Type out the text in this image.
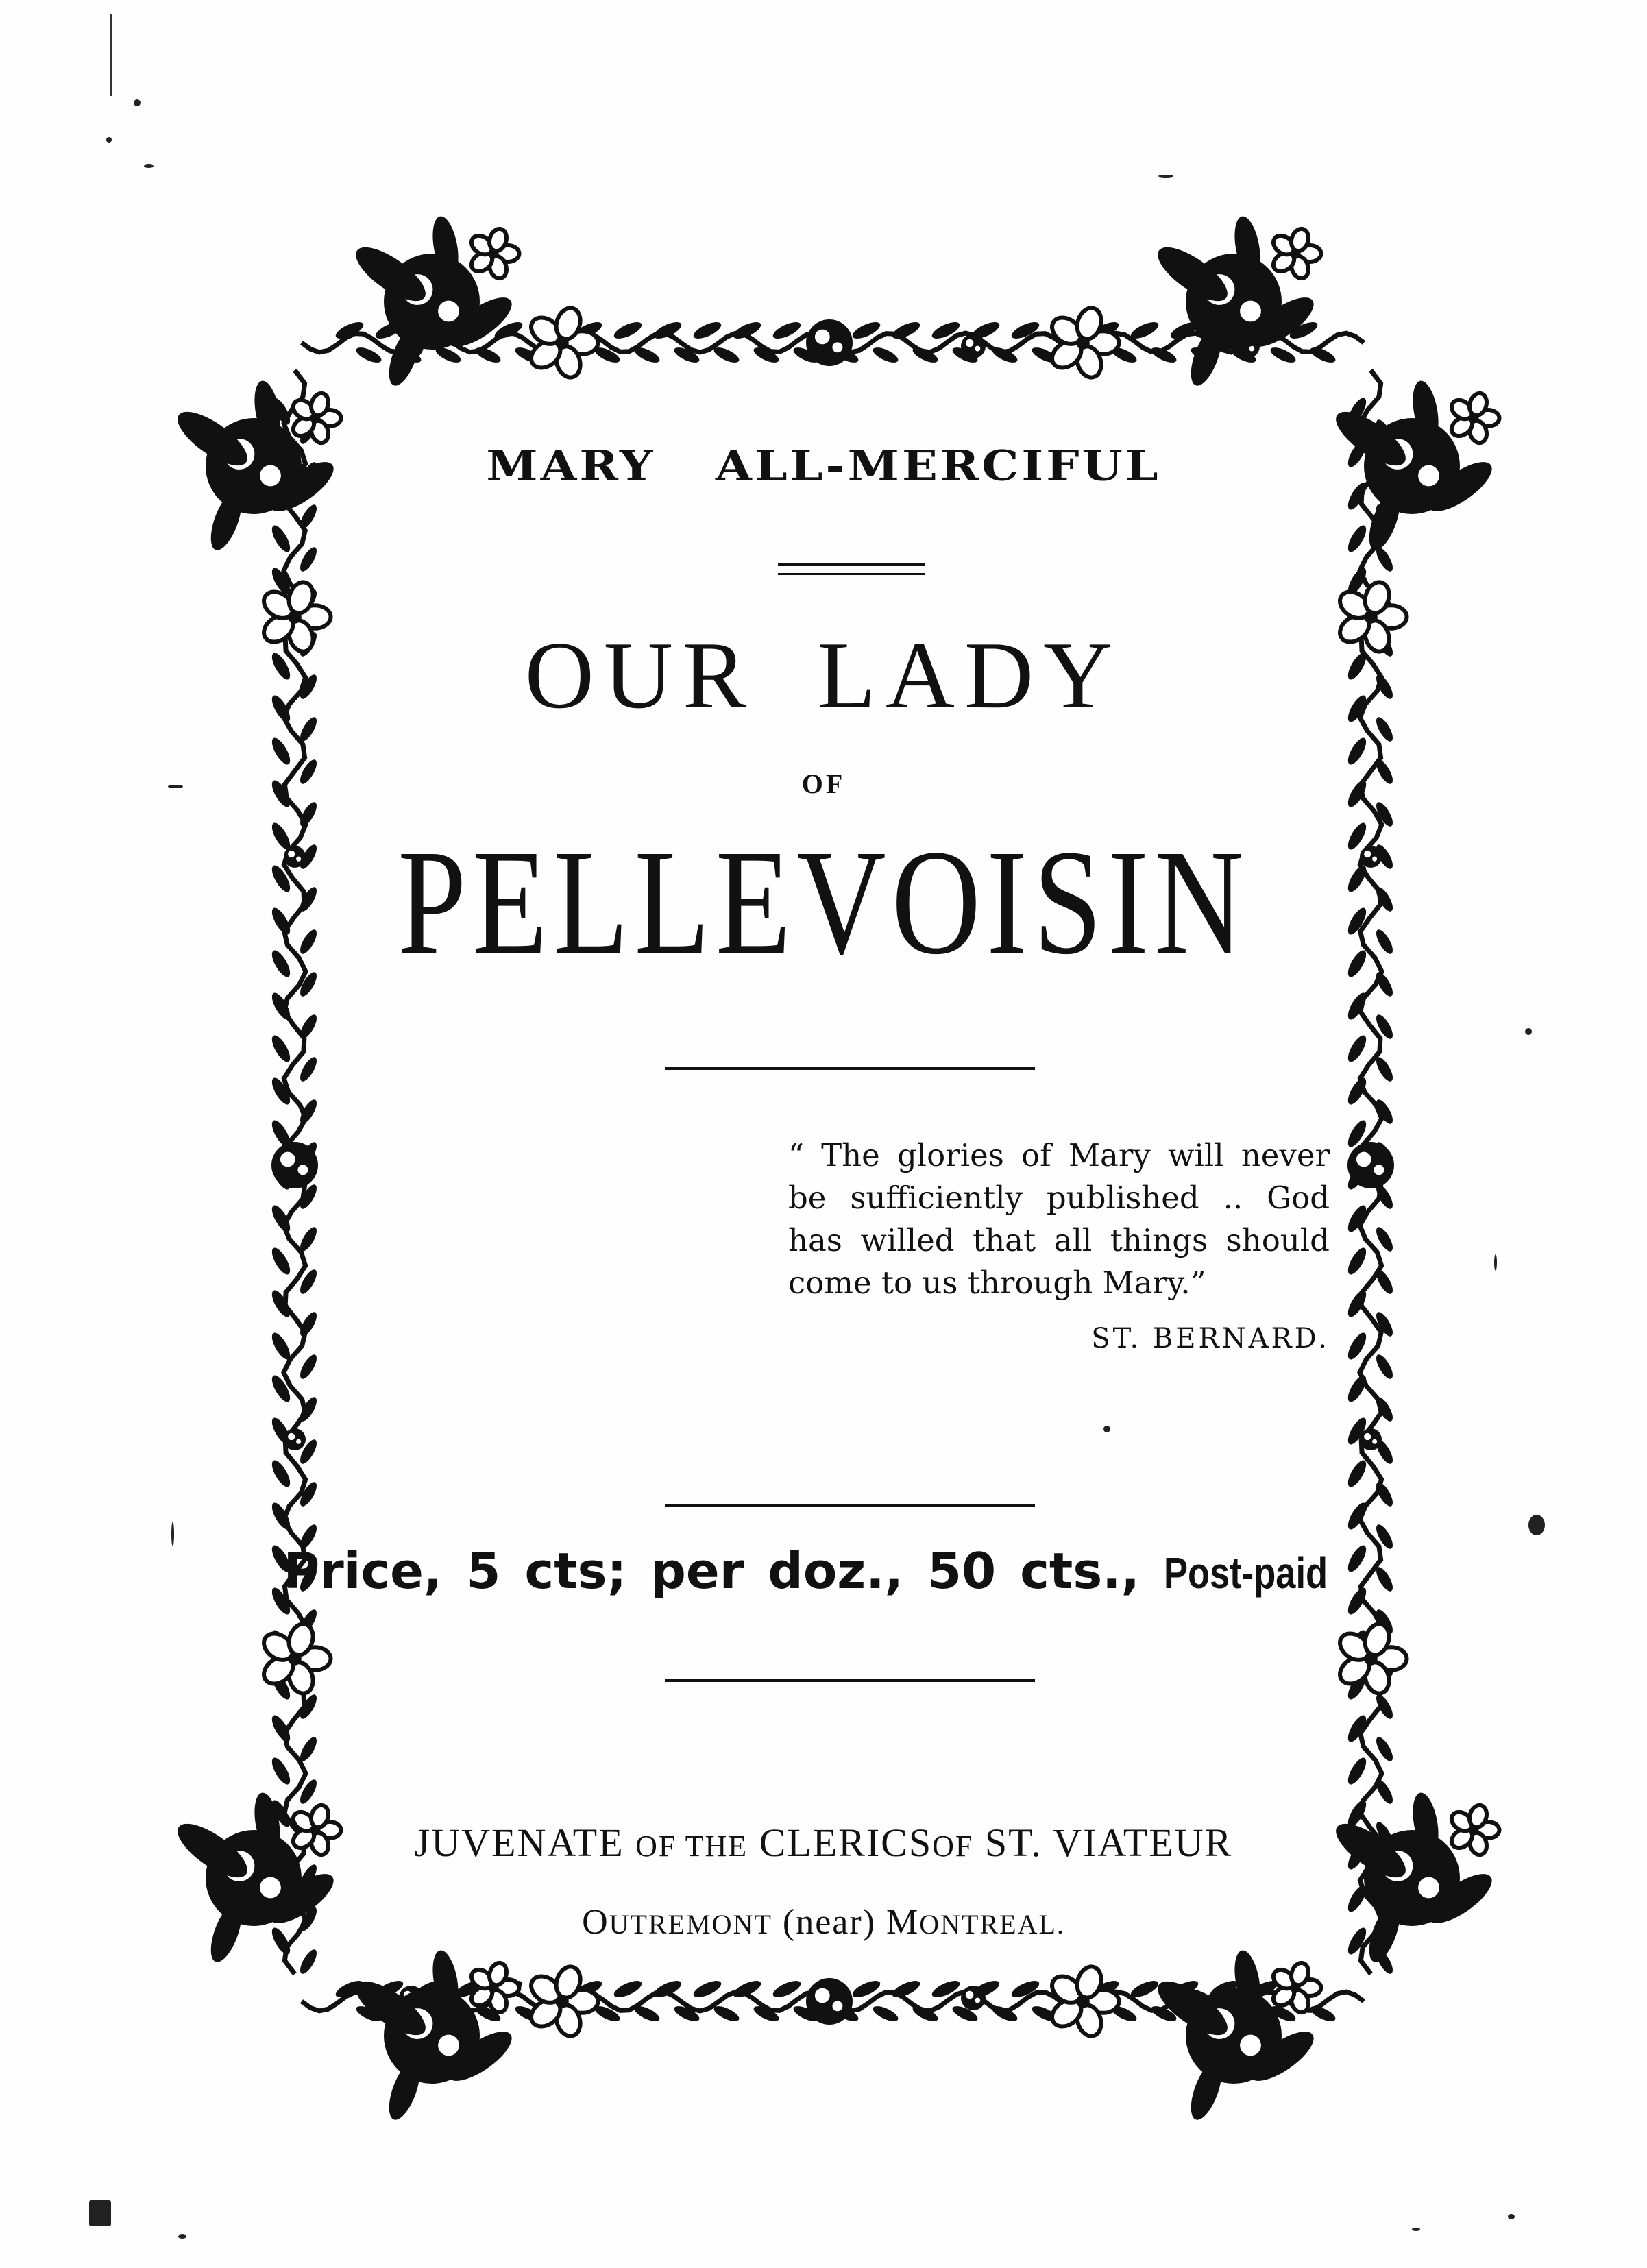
MARY ALL-MERCIFUL
OUR LADY
OF
PELLEVOISIN
“ The glories of Mary will never be sufficiently published .. God has willed that all things should come to us through Mary.”
ST. BERNARD.
Price, 5 cts; per doz., 50 cts., Post-paid
JUVENATE OF THE CLERICSOF ST. VIATEUR
OUTREMONT (near) MONTREAL.
